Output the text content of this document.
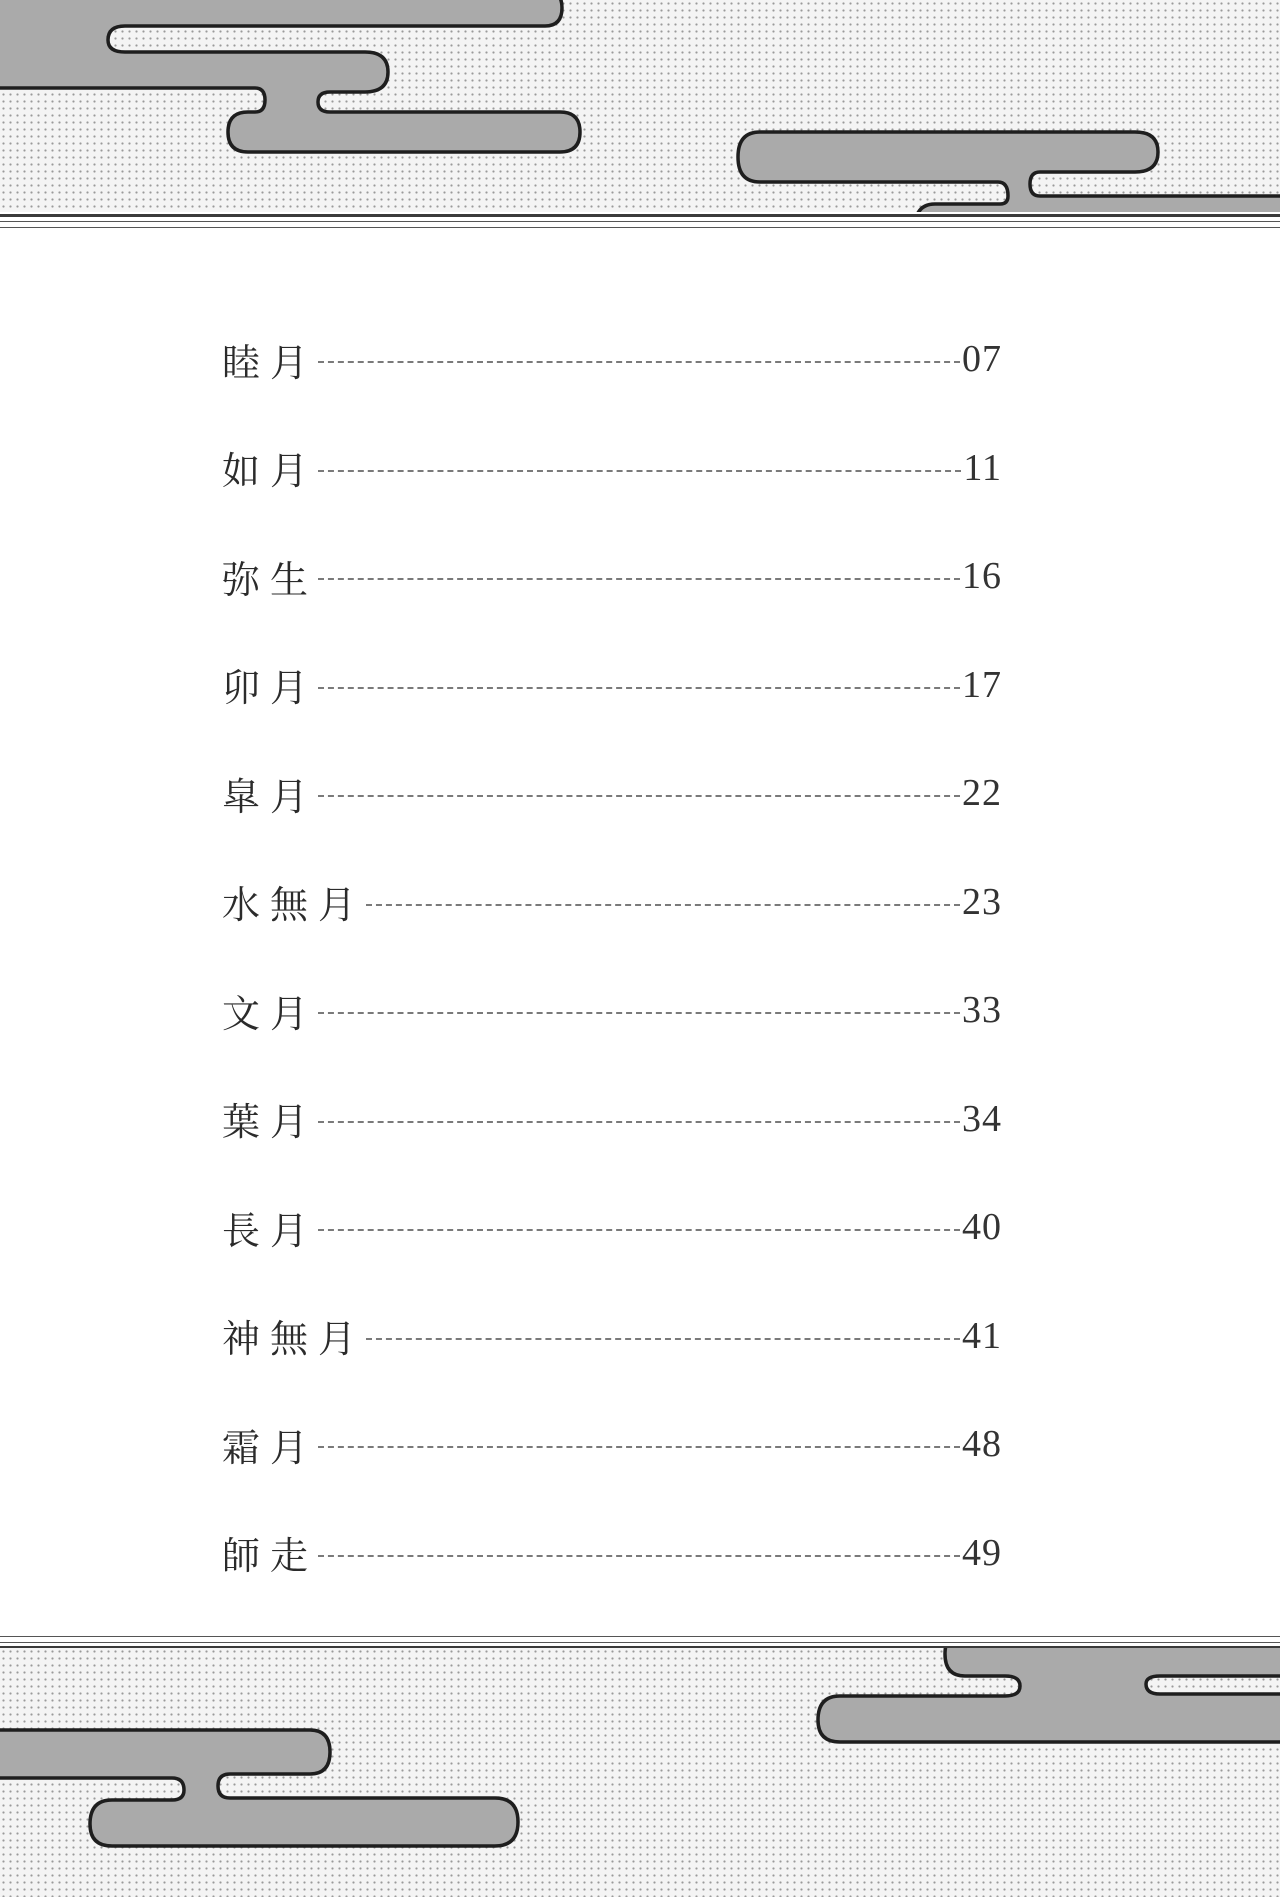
睦月	07
如月	11
弥生	16
卯月	17
皐月	22
水無月	23
文月	33
葉月	34
長月	40
神無月	41
霜月	48
師走	49
